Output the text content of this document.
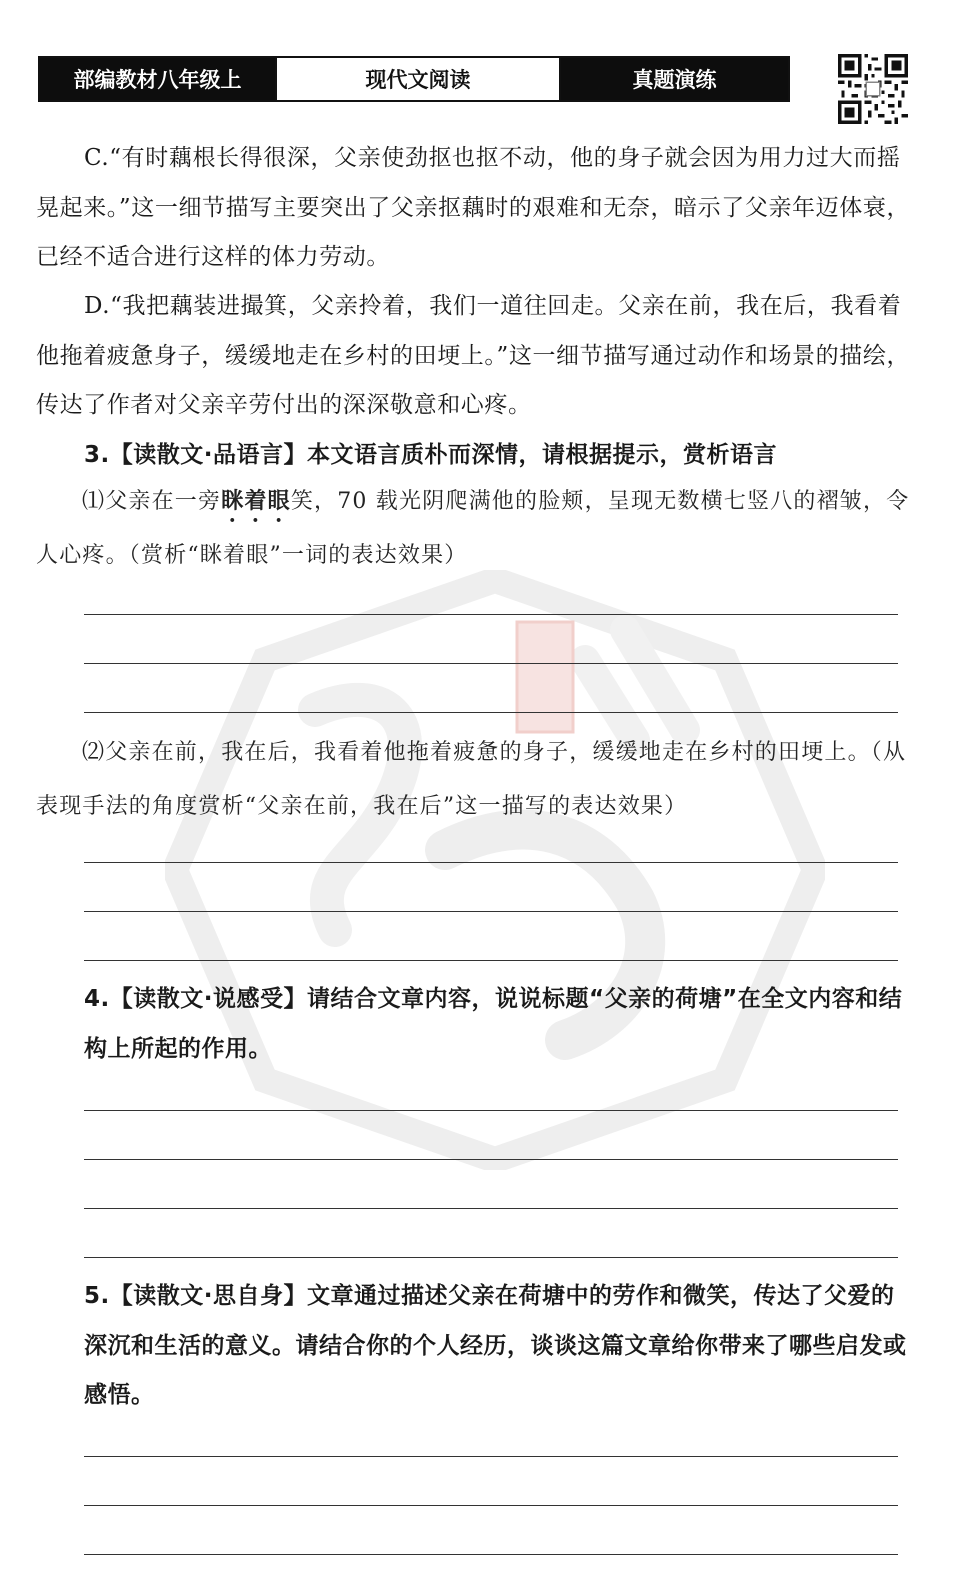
部编教材八年级上	现代文阅读	真题演练
C.“有时藕根长得很深，父亲使劲抠也抠不动，他的身子就会因为用力过大而摇晃起来。”这一细节描写主要突出了父亲抠藕时的艰难和无奈，暗示了父亲年迈体衰，已经不适合进行这样的体力劳动。
D.“我把藕装进撮箕，父亲拎着，我们一道往回走。父亲在前，我在后，我看着他拖着疲惫身子，缓缓地走在乡村的田埂上。”这一细节描写通过动作和场景的描绘，传达了作者对父亲辛劳付出的深深敬意和心疼。
3.【读散文·品语言】本文语言质朴而深情，请根据提示，赏析语言
⑴父亲在一旁眯着眼笑，70 载光阴爬满他的脸颊，呈现无数横七竖八的褶皱，令人心疼。（赏析“眯着眼”一词的表达效果）
⑵父亲在前，我在后，我看着他拖着疲惫的身子，缓缓地走在乡村的田埂上。（从表现手法的角度赏析“父亲在前，我在后”这一描写的表达效果）
4.【读散文·说感受】请结合文章内容，说说标题“父亲的荷塘”在全文内容和结构上所起的作用。
5.【读散文·思自身】文章通过描述父亲在荷塘中的劳作和微笑，传达了父爱的深沉和生活的意义。请结合你的个人经历，谈谈这篇文章给你带来了哪些启发或感悟。
